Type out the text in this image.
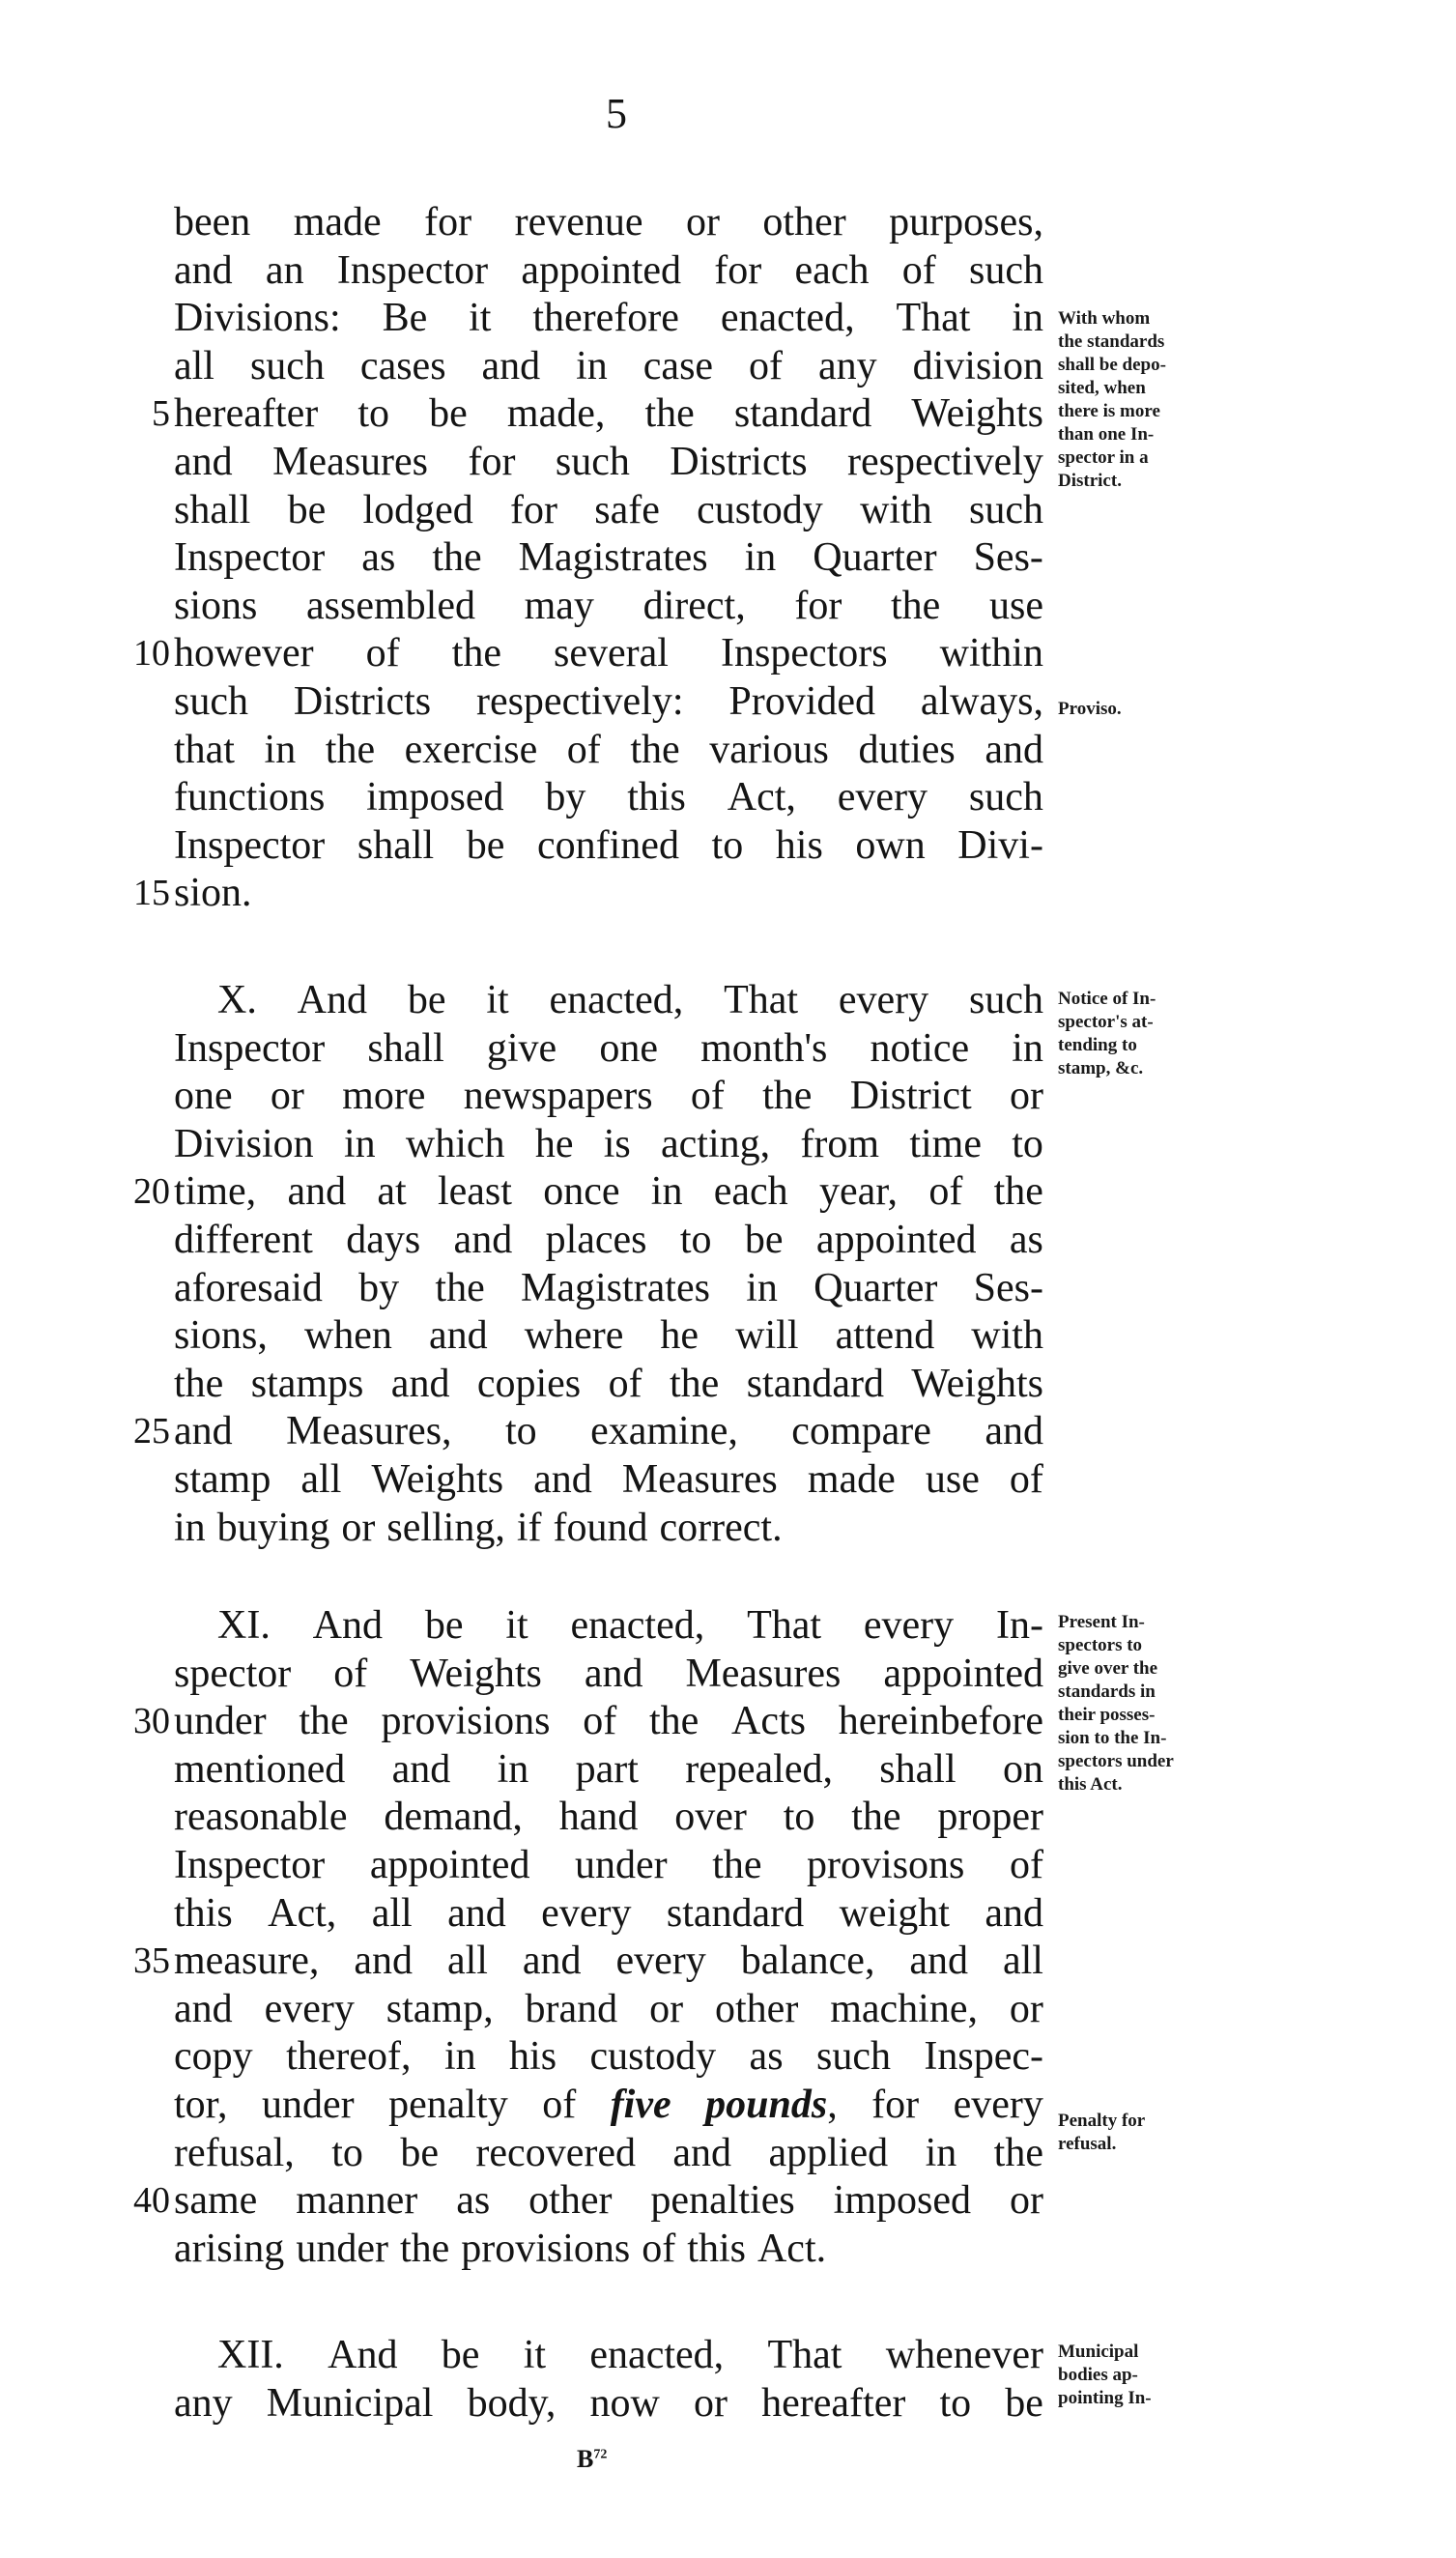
5
been made for revenue or other purposes,
and an Inspector appointed for each of such
Divisions: Be it therefore enacted, That in
all such cases and in case of any division
hereafter to be made, the standard Weights
and Measures for such Districts respectively
shall be lodged for safe custody with such
Inspector as the Magistrates in Quarter Ses-
sions assembled may direct, for the use
however of the several Inspectors within
such Districts respectively: Provided always,
that in the exercise of the various duties and
functions imposed by this Act, every such
Inspector shall be confined to his own Divi-
sion.
X. And be it enacted, That every such
Inspector shall give one month's notice in
one or more newspapers of the District or
Division in which he is acting, from time to
time, and at least once in each year, of the
different days and places to be appointed as
aforesaid by the Magistrates in Quarter Ses-
sions, when and where he will attend with
the stamps and copies of the standard Weights
and Measures, to examine, compare and
stamp all Weights and Measures made use of
in buying or selling, if found correct.
XI. And be it enacted, That every In-
spector of Weights and Measures appointed
under the provisions of the Acts hereinbefore
mentioned and in part repealed, shall on
reasonable demand, hand over to the proper
Inspector appointed under the provisons of
this Act, all and every standard weight and
measure, and all and every balance, and all
and every stamp, brand or other machine, or
copy thereof, in his custody as such Inspec-
tor, under penalty of five pounds, for every
refusal, to be recovered and applied in the
same manner as other penalties imposed or
arising under the provisions of this Act.
XII. And be it enacted, That whenever
any Municipal body, now or hereafter to be
5
10
15
20
25
30
35
40
With whom
the standards
shall be depo-
sited, when
there is more
than one In-
spector in a
District.
Proviso.
Notice of In-
spector's at-
tending to
stamp, &c.
Present In-
spectors to
give over the
standards in
their posses-
sion to the In-
spectors under
this Act.
Penalty for
refusal.
Municipal
bodies ap-
pointing In-
$B^{72}$
